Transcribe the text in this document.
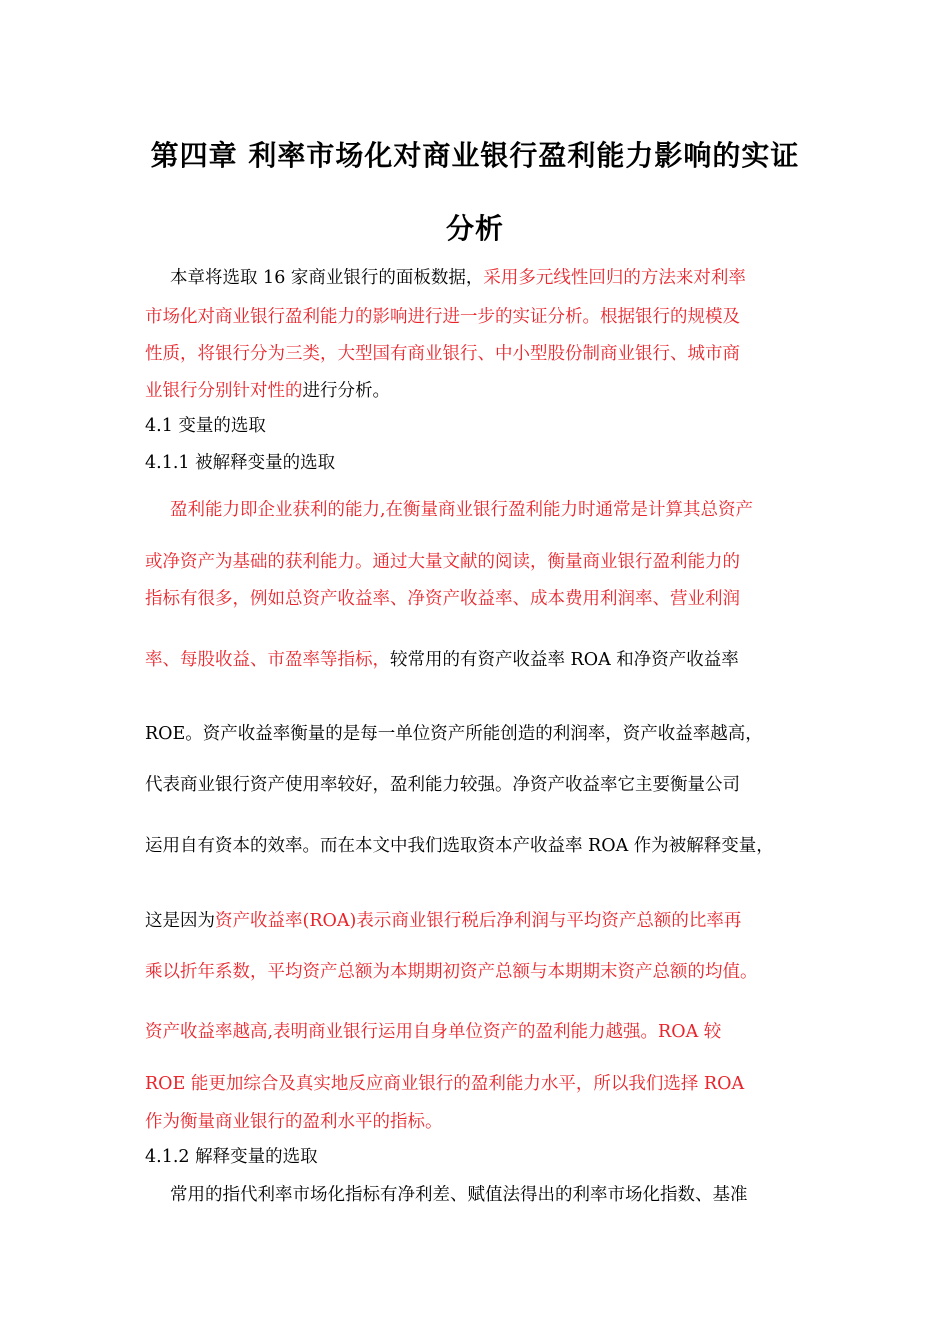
第四章 利率市场化对商业银行盈利能力影响的实证
分析
本章将选取 16 家商业银行的面板数据，采用多元线性回归的方法来对利率
市场化对商业银行盈利能力的影响进行进一步的实证分析。根据银行的规模及
性质，将银行分为三类，大型国有商业银行、中小型股份制商业银行、城市商
业银行分别针对性的进行分析。
4.1 变量的选取
4.1.1 被解释变量的选取
盈利能力即企业获利的能力,在衡量商业银行盈利能力时通常是计算其总资产
或净资产为基础的获利能力。通过大量文献的阅读，衡量商业银行盈利能力的
指标有很多，例如总资产收益率、净资产收益率、成本费用利润率、营业利润
率、每股收益、市盈率等指标，较常用的有资产收益率 ROA 和净资产收益率
ROE。资产收益率衡量的是每一单位资产所能创造的利润率，资产收益率越高，
代表商业银行资产使用率较好，盈利能力较强。净资产收益率它主要衡量公司
运用自有资本的效率。而在本文中我们选取资本产收益率 ROA 作为被解释变量，
这是因为资产收益率(ROA)表示商业银行税后净利润与平均资产总额的比率再
乘以折年系数，平均资产总额为本期期初资产总额与本期期末资产总额的均值。
资产收益率越高,表明商业银行运用自身单位资产的盈利能力越强。ROA 较
ROE 能更加综合及真实地反应商业银行的盈利能力水平，所以我们选择 ROA
作为衡量商业银行的盈利水平的指标。
4.1.2 解释变量的选取
常用的指代利率市场化指标有净利差、赋值法得出的利率市场化指数、基准
